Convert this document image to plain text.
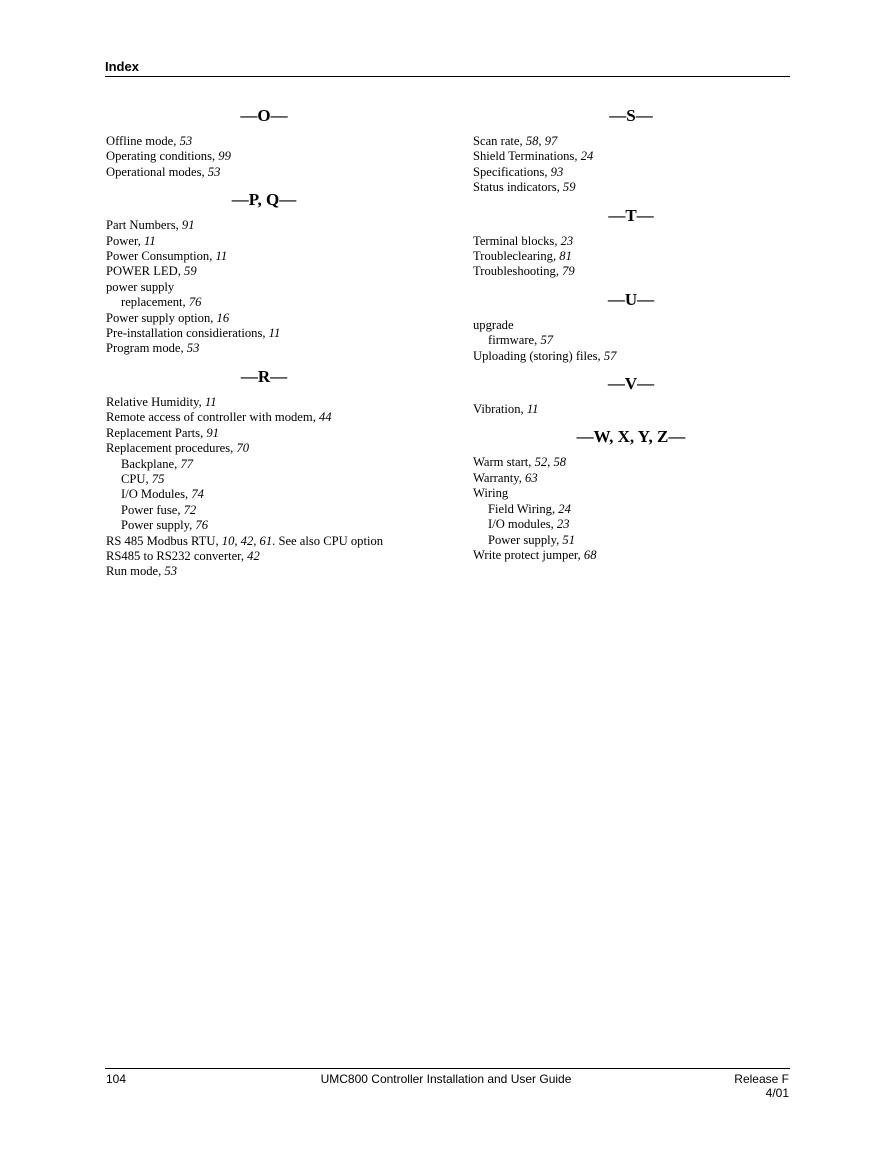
Index
—O—
Offline mode, 53
Operating conditions, 99
Operational modes, 53
—P, Q—
Part Numbers, 91
Power, 11
Power Consumption, 11
POWER LED, 59
power supply
replacement, 76
Power supply option, 16
Pre-installation considierations, 11
Program mode, 53
—R—
Relative Humidity, 11
Remote access of controller with modem, 44
Replacement Parts, 91
Replacement procedures, 70
Backplane, 77
CPU, 75
I/O Modules, 74
Power fuse, 72
Power supply, 76
RS 485 Modbus RTU, 10, 42, 61. See also CPU option
RS485 to RS232 converter, 42
Run mode, 53
—S—
Scan rate, 58, 97
Shield Terminations, 24
Specifications, 93
Status indicators, 59
—T—
Terminal blocks, 23
Troubleclearing, 81
Troubleshooting, 79
—U—
upgrade
firmware, 57
Uploading (storing) files, 57
—V—
Vibration, 11
—W, X, Y, Z—
Warm start, 52, 58
Warranty, 63
Wiring
Field Wiring, 24
I/O modules, 23
Power supply, 51
Write protect jumper, 68
104	UMC800 Controller Installation and User Guide	Release F
4/01
